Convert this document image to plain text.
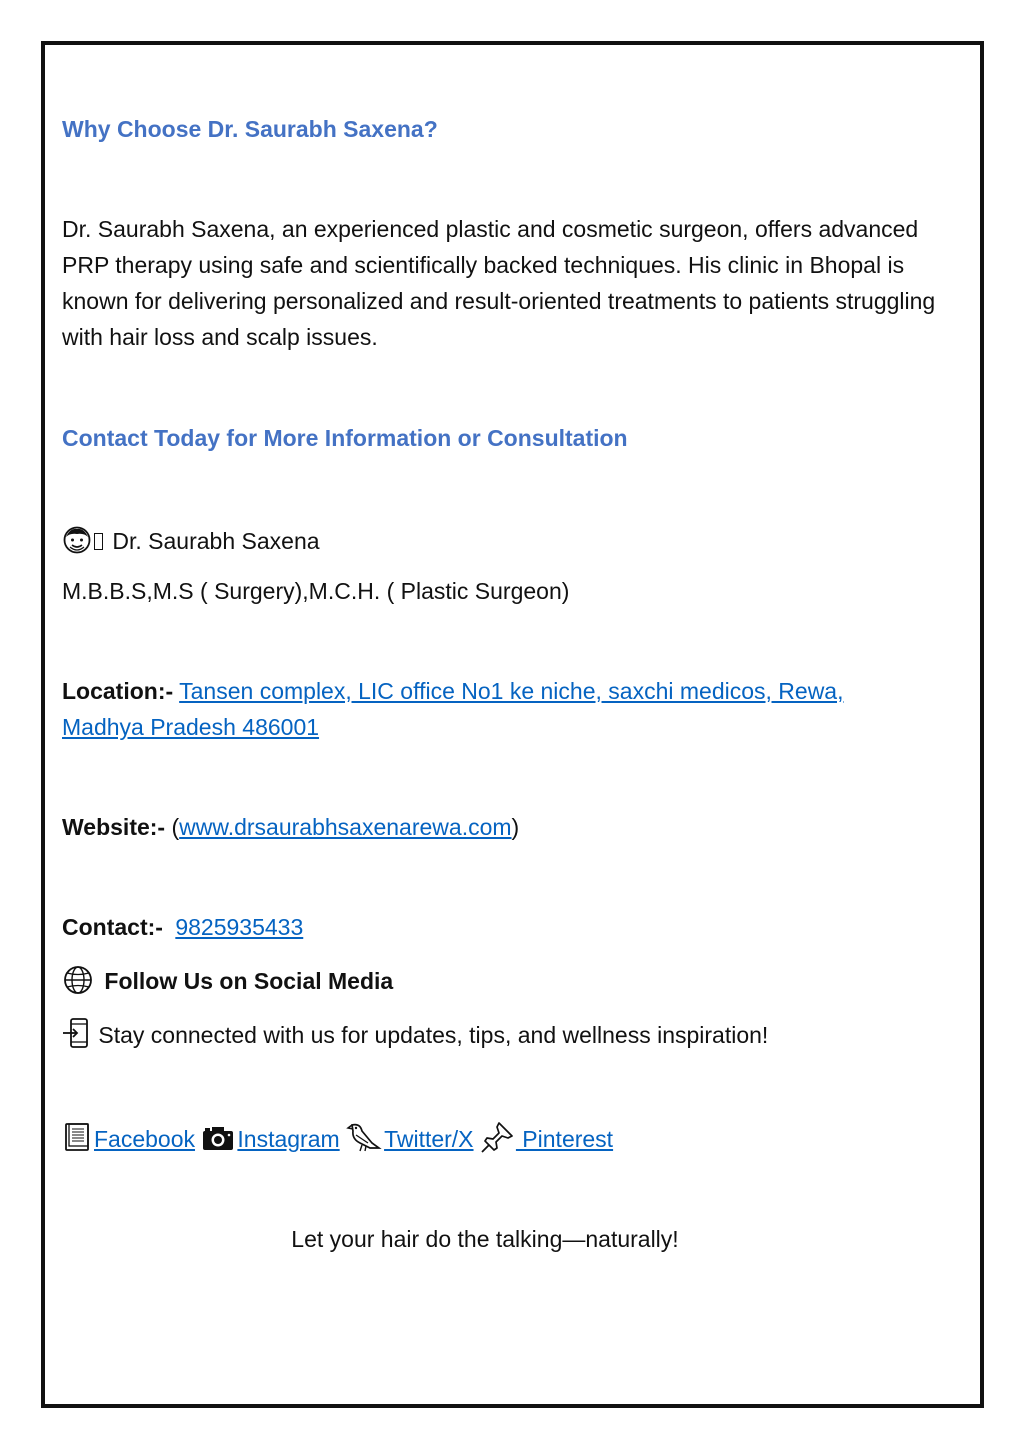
Why Choose Dr. Saurabh Saxena?
Dr. Saurabh Saxena, an experienced plastic and cosmetic surgeon, offers advanced PRP therapy using safe and scientifically backed techniques. His clinic in Bhopal is known for delivering personalized and result-oriented treatments to patients struggling with hair loss and scalp issues.
Contact Today for More Information or Consultation
Dr. Saurabh Saxena
M.B.B.S,M.S ( Surgery),M.C.H. ( Plastic Surgeon)
Location:- Tansen complex, LIC office No1 ke niche, saxchi medicos, Rewa,
Madhya Pradesh 486001
Website:- (www.drsaurabhsaxenarewa.com)
Contact:- 9825935433
Follow Us on Social Media
Stay connected with us for updates, tips, and wellness inspiration!
Facebook Instagram Twitter/X  Pinterest
Let your hair do the talking—naturally!
